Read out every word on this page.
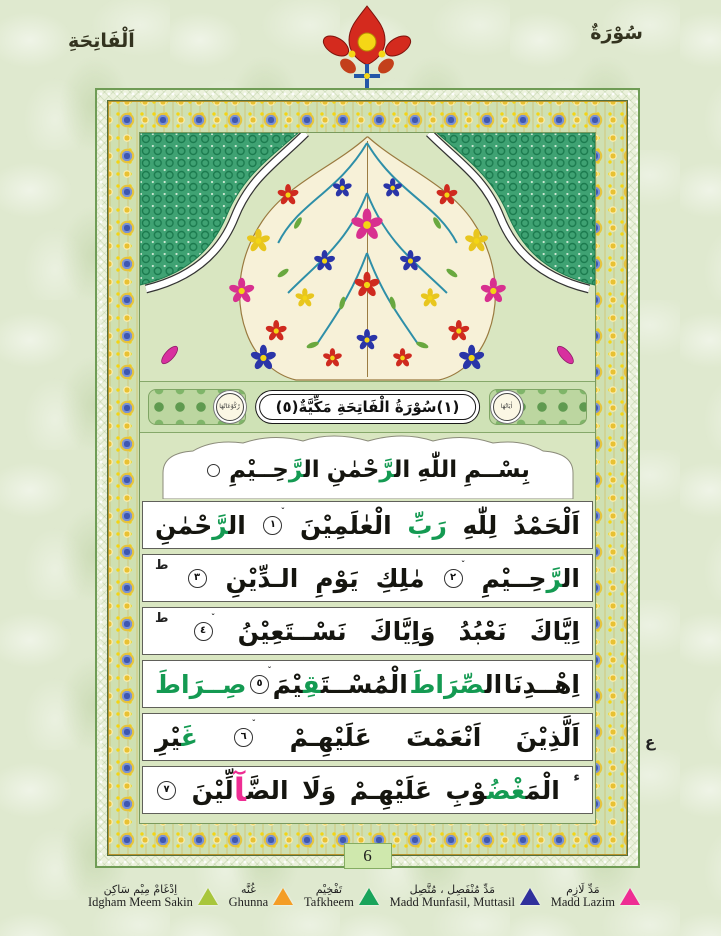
اَلْفَاتِحَةِ	سُوْرَةٌ
اٰيَاتُهَا
رُكُوْعَاتُهَا	(١)سُوْرَةُ الْفَاتِحَةِ مَكِّيَّةٌ(٥)
بِسْــمِ
اللّٰهِ
ال‍
‍رَّ
حْمٰنِ
ال‍
‍رَّ
حِــيْمِ
اَلْحَمْدُ
لِلّٰهِ
رَبِّ
الْعٰلَمِيْنَ
١
ال‍
‍رَّ
حْمٰنِ
ال‍
‍رَّ
حِــيْمِ
٢
مٰلِكِ
يَوْمِ
الـدِّيْنِ
٣
ط
اِيَّاكَ
نَعْبُدُ
وَاِيَّاكَ
نَسْــتَعِيْنُ
٤
ط
اِهْــدِنَا
ال‍
‍صِّرَاطَ
الْمُسْــتَ‍
‍قِ‍
‍يْمَ
٥
صِــرَاطَ
اَلَّذِيْنَ
اَنْعَمْتَ
عَلَيْهِـمْ
٦
غَ‍
‍يْرِ
ء
الْمَ‍
‍غْضُ‍
‍وْبِ
عَلَيْهِـمْ
وَلَا
الضَّ‍
‍آ
لِّيْنَ
٧
6
ع
اِدْغَامْ مِيْم سَاكِن
Idgham Meem Sakin
غُنَّه
Ghunna
تَفْخِيْم
Tafkheem
مَدِّ مُنْفَصِل ، مُتَّصِل
Madd Munfasil, Muttasil
مَدِّ لَازِم
Madd Lazim
